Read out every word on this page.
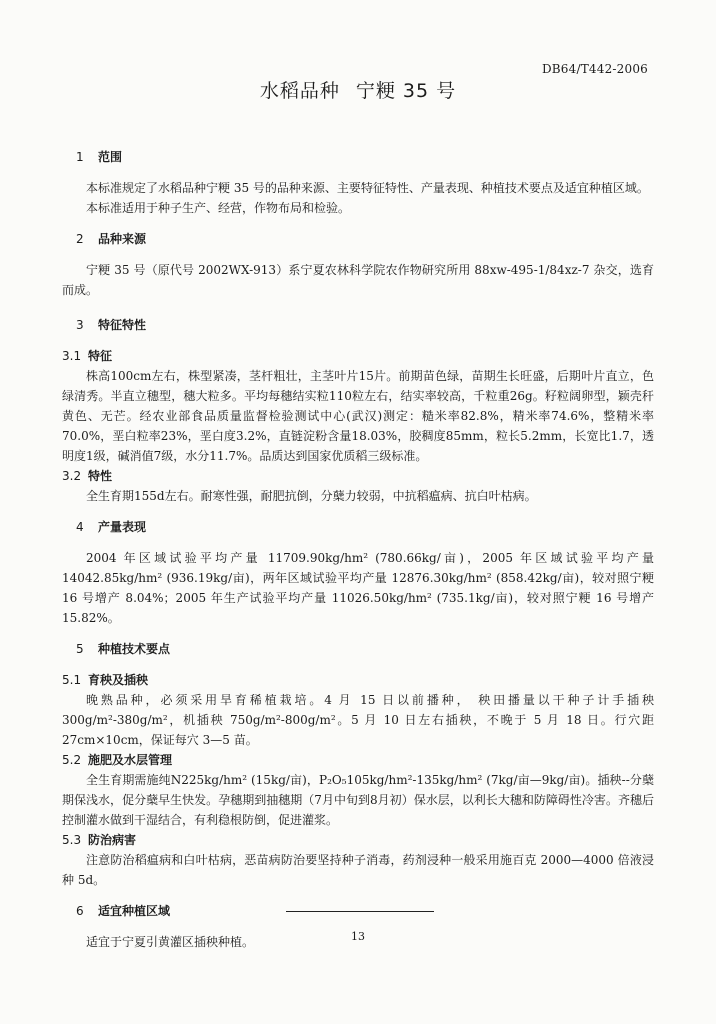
DB64/T442-2006
水稻品种 宁粳 35 号
1 范围

本标准规定了水稻品种宁粳 35 号的品种来源、主要特征特性、产量表现、种植技术要点及适宜种植区域。

本标准适用于种子生产、经营，作物布局和检验。

2 品种来源

宁粳 35 号（原代号 2002WX-913）系宁夏农林科学院农作物研究所用 88xw-495-1/84xz-7 杂交，选育而成。

3 特征特性
3.1 特征

株高100cm左右，株型紧凑，茎杆粗壮，主茎叶片15片。前期苗色绿，苗期生长旺盛，后期叶片直立，色绿清秀。半直立穗型，穗大粒多。平均每穗结实粒110粒左右，结实率较高，千粒重26g。籽粒阔卵型，颖壳秆黄色、无芒。经农业部食品质量监督检验测试中心(武汉)测定：糙米率82.8%，精米率74.6%，整精米率70.0%，垩白粒率23%，垩白度3.2%，直链淀粉含量18.03%，胶稠度85mm，粒长5.2mm，长宽比1.7，透明度1级，碱消值7级，水分11.7%。品质达到国家优质稻三级标准。

3.2 特性

全生育期155d左右。耐寒性强，耐肥抗倒，分蘖力较弱，中抗稻瘟病、抗白叶枯病。

4 产量表现

2004 年区域试验平均产量 11709.90kg/hm² (780.66kg/亩)，2005 年区域试验平均产量 14042.85kg/hm² (936.19kg/亩)，两年区域试验平均产量 12876.30kg/hm² (858.42kg/亩)，较对照宁粳 16 号增产 8.04%；2005 年生产试验平均产量 11026.50kg/hm² (735.1kg/亩)，较对照宁粳 16 号增产 15.82%。

5 种植技术要点
5.1 育秧及插秧

晚熟品种，必须采用旱育稀植栽培。4 月 15 日以前播种， 秧田播量以干种子计手插秧 300g/m²-380g/m²，机插秧 750g/m²-800g/m²。5 月 10 日左右插秧，不晚于 5 月 18 日。行穴距 27cm×10cm，保证每穴 3—5 苗。

5.2 施肥及水层管理

全生育期需施纯N225kg/hm² (15kg/亩)，P₂O₅105kg/hm²-135kg/hm² (7kg/亩—9kg/亩)。插秧--分蘖期保浅水，促分蘖早生快发。孕穗期到抽穗期（7月中旬到8月初）保水层，以利长大穗和防障碍性冷害。齐穗后控制灌水做到干湿结合，有利稳根防倒，促进灌浆。

5.3 防治病害

注意防治稻瘟病和白叶枯病，恶苗病防治要坚持种子消毒，药剂浸种一般采用施百克 2000—4000 倍液浸种 5d。

6 适宜种植区域

适宜于宁夏引黄灌区插秧种植。	13
